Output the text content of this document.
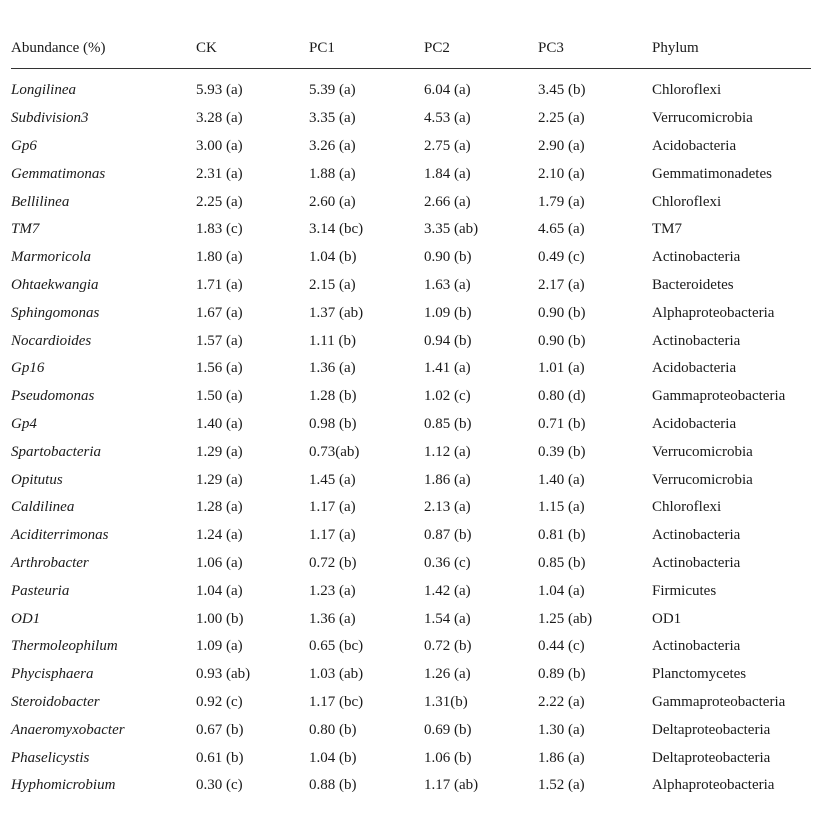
Abundance (%)	CK	PC1	PC2	PC3	Phylum
Longilinea	5.93 (a)	5.39 (a)	6.04 (a)	3.45 (b)	Chloroflexi
Subdivision3	3.28 (a)	3.35 (a)	4.53 (a)	2.25 (a)	Verrucomicrobia
Gp6	3.00 (a)	3.26 (a)	2.75 (a)	2.90 (a)	Acidobacteria
Gemmatimonas	2.31 (a)	1.88 (a)	1.84 (a)	2.10 (a)	Gemmatimonadetes
Bellilinea	2.25 (a)	2.60 (a)	2.66 (a)	1.79 (a)	Chloroflexi
TM7	1.83 (c)	3.14 (bc)	3.35 (ab)	4.65 (a)	TM7
Marmoricola	1.80 (a)	1.04 (b)	0.90 (b)	0.49 (c)	Actinobacteria
Ohtaekwangia	1.71 (a)	2.15 (a)	1.63 (a)	2.17 (a)	Bacteroidetes
Sphingomonas	1.67 (a)	1.37 (ab)	1.09 (b)	0.90 (b)	Alphaproteobacteria
Nocardioides	1.57 (a)	1.11 (b)	0.94 (b)	0.90 (b)	Actinobacteria
Gp16	1.56 (a)	1.36 (a)	1.41 (a)	1.01 (a)	Acidobacteria
Pseudomonas	1.50 (a)	1.28 (b)	1.02 (c)	0.80 (d)	Gammaproteobacteria
Gp4	1.40 (a)	0.98 (b)	0.85 (b)	0.71 (b)	Acidobacteria
Spartobacteria	1.29 (a)	0.73(ab)	1.12 (a)	0.39 (b)	Verrucomicrobia
Opitutus	1.29 (a)	1.45 (a)	1.86 (a)	1.40 (a)	Verrucomicrobia
Caldilinea	1.28 (a)	1.17 (a)	2.13 (a)	1.15 (a)	Chloroflexi
Aciditerrimonas	1.24 (a)	1.17 (a)	0.87 (b)	0.81 (b)	Actinobacteria
Arthrobacter	1.06 (a)	0.72 (b)	0.36 (c)	0.85 (b)	Actinobacteria
Pasteuria	1.04 (a)	1.23 (a)	1.42 (a)	1.04 (a)	Firmicutes
OD1	1.00 (b)	1.36 (a)	1.54 (a)	1.25 (ab)	OD1
Thermoleophilum	1.09 (a)	0.65 (bc)	0.72 (b)	0.44 (c)	Actinobacteria
Phycisphaera	0.93 (ab)	1.03 (ab)	1.26 (a)	0.89 (b)	Planctomycetes
Steroidobacter	0.92 (c)	1.17 (bc)	1.31(b)	2.22 (a)	Gammaproteobacteria
Anaeromyxobacter	0.67 (b)	0.80 (b)	0.69 (b)	1.30 (a)	Deltaproteobacteria
Phaselicystis	0.61 (b)	1.04 (b)	1.06 (b)	1.86 (a)	Deltaproteobacteria
Hyphomicrobium	0.30 (c)	0.88 (b)	1.17 (ab)	1.52 (a)	Alphaproteobacteria
